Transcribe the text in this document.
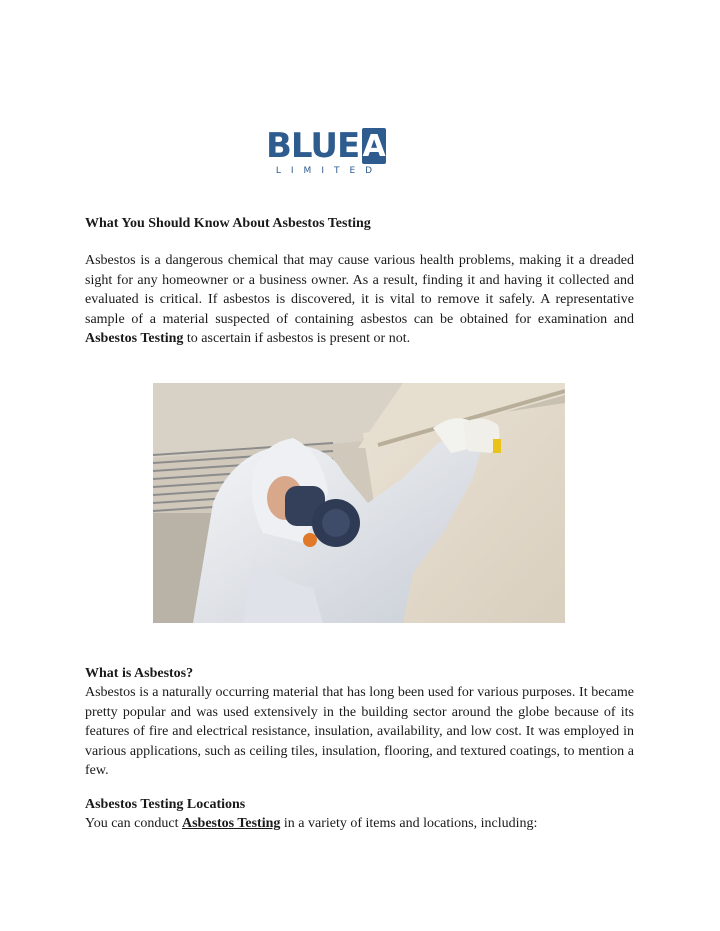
BLUE A
LIMITED
What You Should Know About Asbestos Testing
Asbestos is a dangerous chemical that may cause various health problems, making it a dreaded sight for any homeowner or a business owner. As a result, finding it and having it collected and evaluated is critical. If asbestos is discovered, it is vital to remove it safely. A representative sample of a material suspected of containing asbestos can be obtained for examination and Asbestos Testing to ascertain if asbestos is present or not.
What is Asbestos?
Asbestos is a naturally occurring material that has long been used for various purposes. It became pretty popular and was used extensively in the building sector around the globe because of its features of fire and electrical resistance, insulation, availability, and low cost. It was employed in various applications, such as ceiling tiles, insulation, flooring, and textured coatings, to mention a few.
Asbestos Testing Locations
You can conduct Asbestos Testing in a variety of items and locations, including:
